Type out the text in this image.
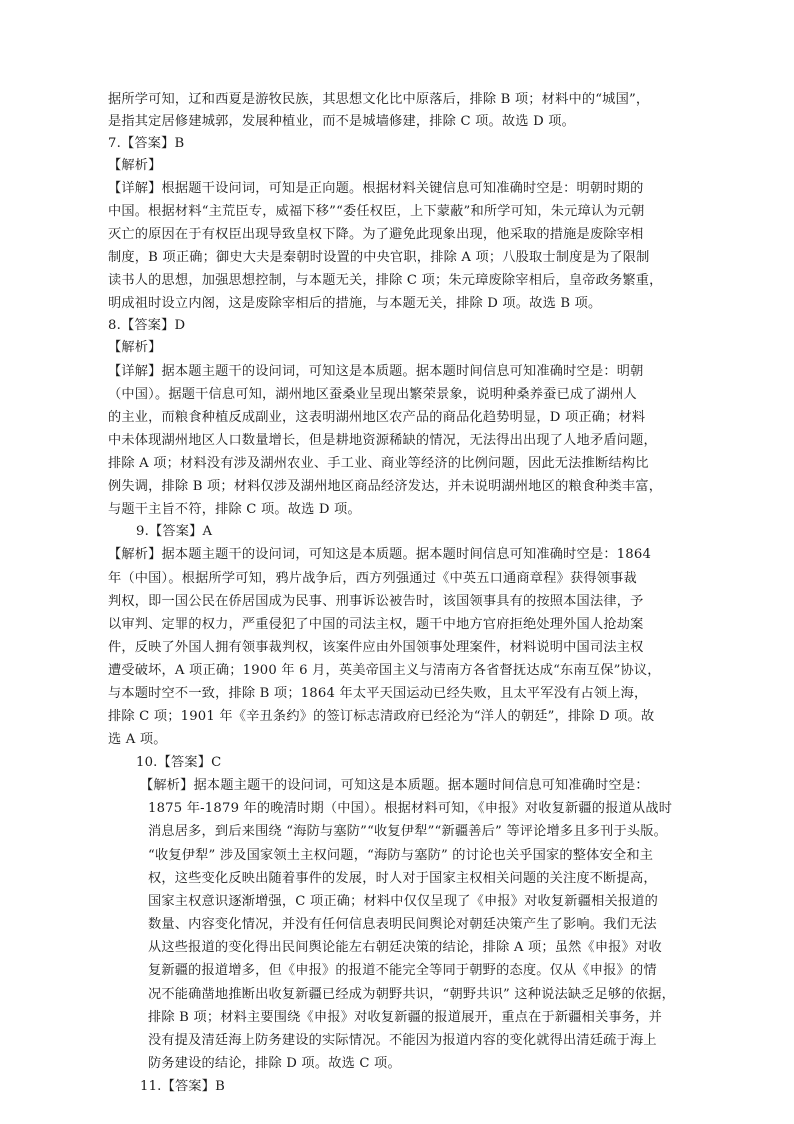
据所学可知，辽和西夏是游牧民族，其思想文化比中原落后，排除 B 项；材料中的“城国”，
是指其定居修建城郭，发展种植业，而不是城墙修建，排除 C 项。故选 D 项。
7.【答案】B
【解析】
【详解】根据题干设问词，可知是正向题。根据材料关键信息可知准确时空是：明朝时期的
中国。根据材料“主荒臣专，威福下移”“委任权臣，上下蒙蔽”和所学可知，朱元璋认为元朝
灭亡的原因在于有权臣出现导致皇权下降。为了避免此现象出现，他采取的措施是废除宰相
制度，B 项正确；御史大夫是秦朝时设置的中央官职，排除 A 项；八股取士制度是为了限制
读书人的思想，加强思想控制，与本题无关，排除 C 项；朱元璋废除宰相后，皇帝政务繁重，
明成祖时设立内阁，这是废除宰相后的措施，与本题无关，排除 D 项。故选 B 项。
8.【答案】D
【解析】
【详解】据本题主题干的设问词，可知这是本质题。据本题时间信息可知准确时空是：明朝
（中国）。据题干信息可知，湖州地区蚕桑业呈现出繁荣景象，说明种桑养蚕已成了湖州人
的主业，而粮食种植反成副业，这表明湖州地区农产品的商品化趋势明显，D 项正确；材料
中未体现湖州地区人口数量增长，但是耕地资源稀缺的情况，无法得出出现了人地矛盾问题，
排除 A 项；材料没有涉及湖州农业、手工业、商业等经济的比例问题，因此无法推断结构比
例失调，排除 B 项；材料仅涉及湖州地区商品经济发达，并未说明湖州地区的粮食种类丰富，
与题干主旨不符，排除 C 项。故选 D 项。
9.【答案】A
【解析】据本题主题干的设问词，可知这是本质题。据本题时间信息可知准确时空是：1864
年（中国）。根据所学可知，鸦片战争后，西方列强通过《中英五口通商章程》获得领事裁
判权，即一国公民在侨居国成为民事、刑事诉讼被告时，该国领事具有的按照本国法律，予
以审判、定罪的权力，严重侵犯了中国的司法主权，题干中地方官府拒绝处理外国人抢劫案
件，反映了外国人拥有领事裁判权，该案件应由外国领事处理案件，材料说明中国司法主权
遭受破坏，A 项正确；1900 年 6 月，英美帝国主义与清南方各省督抚达成“东南互保”协议，
与本题时空不一致，排除 B 项；1864 年太平天国运动已经失败，且太平军没有占领上海，
排除 C 项；1901 年《辛丑条约》的签订标志清政府已经沦为“洋人的朝廷”，排除 D 项。故
选 A 项。
10.【答案】C
【解析】据本题主题干的设问词，可知这是本质题。据本题时间信息可知准确时空是：
1875 年-1879 年的晚清时期（中国）。根据材料可知，《申报》对收复新疆的报道从战时
消息居多，到后来围绕 “海防与塞防”“收复伊犁”“新疆善后” 等评论增多且多刊于头版。
“收复伊犁” 涉及国家领土主权问题，“海防与塞防” 的讨论也关乎国家的整体安全和主
权，这些变化反映出随着事件的发展，时人对于国家主权相关问题的关注度不断提高，
国家主权意识逐渐增强，C 项正确；材料中仅仅呈现了《申报》对收复新疆相关报道的
数量、内容变化情况，并没有任何信息表明民间舆论对朝廷决策产生了影响。我们无法
从这些报道的变化得出民间舆论能左右朝廷决策的结论，排除 A 项；虽然《申报》对收
复新疆的报道增多，但《申报》的报道不能完全等同于朝野的态度。仅从《申报》的情
况不能确凿地推断出收复新疆已经成为朝野共识，“朝野共识” 这种说法缺乏足够的依据，
排除 B 项；材料主要围绕《申报》对收复新疆的报道展开，重点在于新疆相关事务，并
没有提及清廷海上防务建设的实际情况。不能因为报道内容的变化就得出清廷疏于海上
防务建设的结论，排除 D 项。故选 C 项。
11.【答案】B
